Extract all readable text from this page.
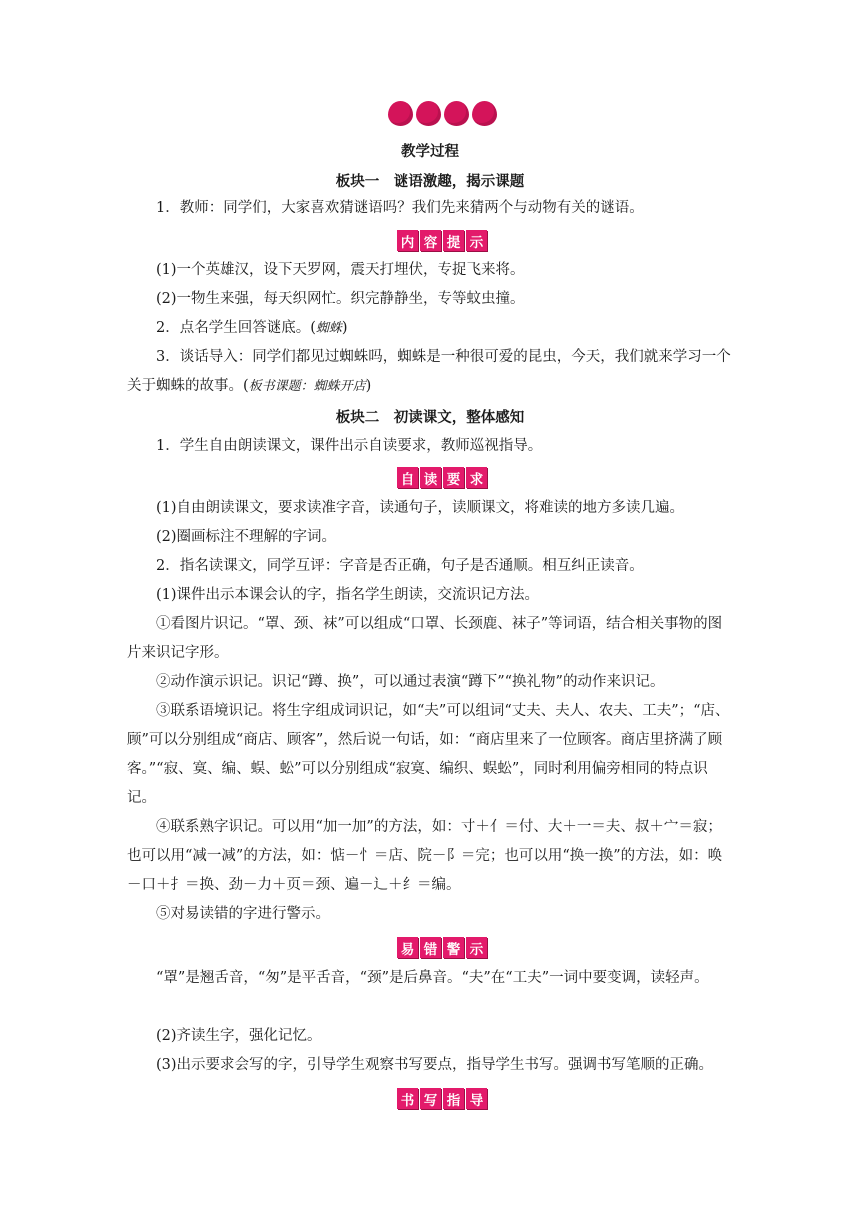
教学过程
板块一　谜语激趣，揭示课题
1．教师：同学们，大家喜欢猜谜语吗？我们先来猜两个与动物有关的谜语。
内 容 提 示
(1)一个英雄汉，设下天罗网，震天打埋伏，专捉飞来将。
(2)一物生来强，每天织网忙。织完静静坐，专等蚊虫撞。
2．点名学生回答谜底。(蜘蛛)
3．谈话导入：同学们都见过蜘蛛吗，蜘蛛是一种很可爱的昆虫，今天，我们就来学习一个关于蜘蛛的故事。(板书课题：蜘蛛开店)
板块二　初读课文，整体感知
1．学生自由朗读课文，课件出示自读要求，教师巡视指导。
自 读 要 求
(1)自由朗读课文，要求读准字音，读通句子，读顺课文，将难读的地方多读几遍。
(2)圈画标注不理解的字词。
2．指名读课文，同学互评：字音是否正确，句子是否通顺。相互纠正读音。
(1)课件出示本课会认的字，指名学生朗读，交流识记方法。
①看图片识记。“罩、颈、袜”可以组成“口罩、长颈鹿、袜子”等词语，结合相关事物的图片来识记字形。
②动作演示识记。识记“蹲、换”，可以通过表演“蹲下”“换礼物”的动作来识记。
③联系语境识记。将生字组成词识记，如“夫”可以组词“丈夫、夫人、农夫、工夫”；“店、顾”可以分别组成“商店、顾客”，然后说一句话，如：“商店里来了一位顾客。商店里挤满了顾客。”“寂、寞、编、蜈、蚣”可以分别组成“寂寞、编织、蜈蚣”，同时利用偏旁相同的特点识记。
④联系熟字识记。可以用“加一加”的方法，如：寸＋亻＝付、大＋一＝夫、叔＋宀＝寂；也可以用“减一减”的方法，如：惦－忄＝店、院－阝＝完；也可以用“换一换”的方法，如：唤－口＋扌＝换、劲－力＋页＝颈、遍－辶＋纟＝编。
⑤对易读错的字进行警示。
易 错 警 示
“罩”是翘舌音，“匆”是平舌音，“颈”是后鼻音。“夫”在“工夫”一词中要变调，读轻声。
(2)齐读生字，强化记忆。
(3)出示要求会写的字，引导学生观察书写要点，指导学生书写。强调书写笔顺的正确。
书 写 指 导
